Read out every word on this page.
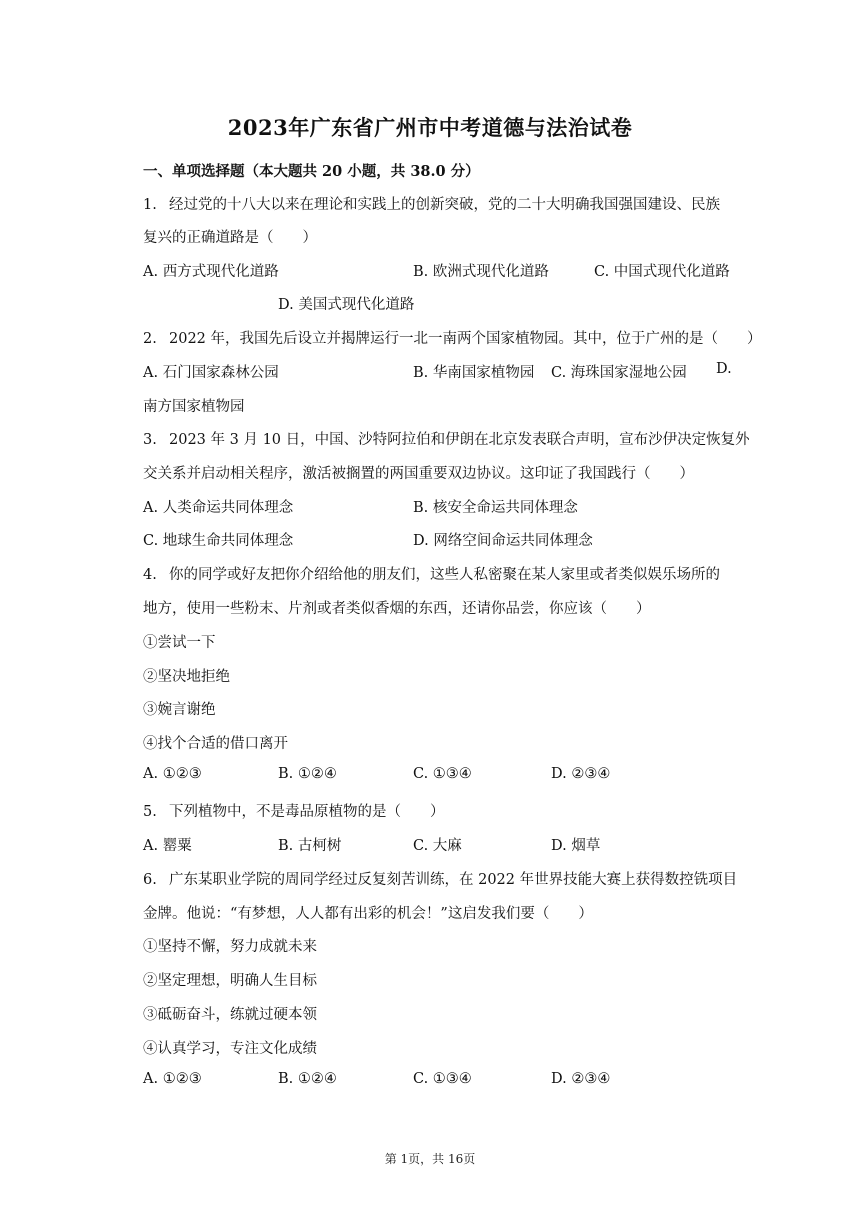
2023年广东省广州市中考道德与法治试卷
一、单项选择题（本大题共 20 小题，共 38.0 分）
1. 经过党的十八大以来在理论和实践上的创新突破，党的二十大明确我国强国建设、民族
复兴的正确道路是（　　）
A. 西方式现代化道路	B. 欧洲式现代化道路	C. 中国式现代化道路
D. 美国式现代化道路
2. 2022 年，我国先后设立并揭牌运行一北一南两个国家植物园。其中，位于广州的是（　　）
A. 石门国家森林公园	B. 华南国家植物园 C. 海珠国家湿地公园 D.
南方国家植物园
3. 2023 年 3 月 10 日，中国、沙特阿拉伯和伊朗在北京发表联合声明，宣布沙伊决定恢复外
交关系并启动相关程序，激活被搁置的两国重要双边协议。这印证了我国践行（　　）
A. 人类命运共同体理念	B. 核安全命运共同体理念
C. 地球生命共同体理念	D. 网络空间命运共同体理念
4. 你的同学或好友把你介绍给他的朋友们，这些人私密聚在某人家里或者类似娱乐场所的
地方，使用一些粉末、片剂或者类似香烟的东西，还请你品尝，你应该（　　）
①尝试一下
②坚决地拒绝
③婉言谢绝
④找个合适的借口离开
A. ①②③	B. ①②④	C. ①③④	D. ②③④
5. 下列植物中，不是毒品原植物的是（　　）
A. 罂粟	B. 古柯树	C. 大麻	D. 烟草
6. 广东某职业学院的周同学经过反复刻苦训练，在 2022 年世界技能大赛上获得数控铣项目
金牌。他说：“有梦想，人人都有出彩的机会！”这启发我们要（　　）
①坚持不懈，努力成就未来
②坚定理想，明确人生目标
③砥砺奋斗，练就过硬本领
④认真学习，专注文化成绩
A. ①②③	B. ①②④	C. ①③④	D. ②③④
第 1页，共 16页
